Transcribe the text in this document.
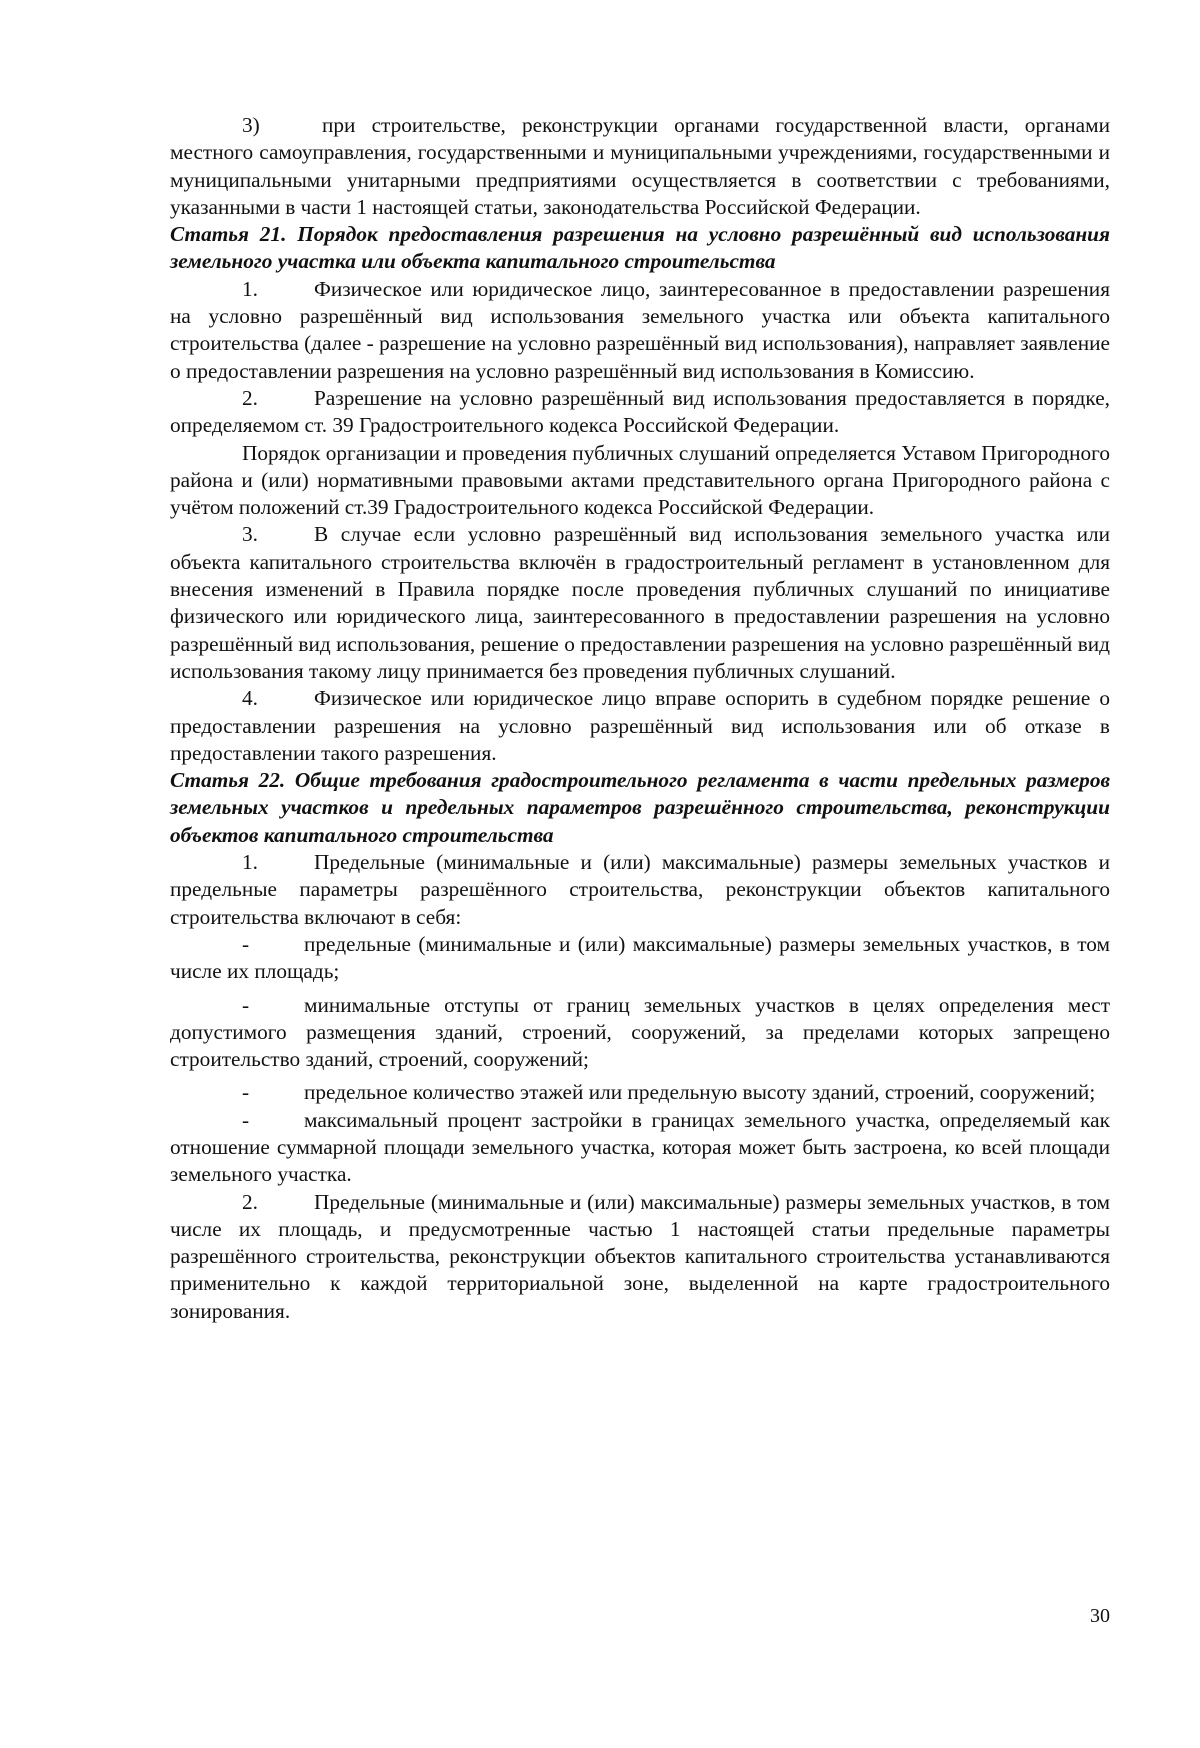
3)	при строительстве, реконструкции органами государственной власти, органами местного самоуправления, государственными и муниципальными учреждениями, государственными и муниципальными унитарными предприятиями осуществляется в соответствии с требованиями, указанными в части 1 настоящей статьи, законодательства Российской Федерации.

Статья 21. Порядок предоставления разрешения на условно разрешённый вид использования земельного участка или объекта капитального строительства

1.	Физическое или юридическое лицо, заинтересованное в предоставлении разрешения на условно разрешённый вид использования земельного участка или объекта капитального строительства (далее - разрешение на условно разрешённый вид использования), направляет заявление о предоставлении разрешения на условно разрешённый вид использования в Комиссию.

2.	Разрешение на условно разрешённый вид использования предоставляется в порядке, определяемом ст. 39 Градостроительного кодекса Российской Федерации.

Порядок организации и проведения публичных слушаний определяется Уставом Пригородного района и (или) нормативными правовыми актами представительного органа Пригородного района с учётом положений ст.39 Градостроительного кодекса Российской Федерации.

3.	В случае если условно разрешённый вид использования земельного участка или объекта капитального строительства включён в градостроительный регламент в установленном для внесения изменений в Правила порядке после проведения публичных слушаний по инициативе физического или юридического лица, заинтересованного в предоставлении разрешения на условно разрешённый вид использования, решение о предоставлении разрешения на условно разрешённый вид использования такому лицу принимается без проведения публичных слушаний.

4.	Физическое или юридическое лицо вправе оспорить в судебном порядке решение о предоставлении разрешения на условно разрешённый вид использования или об отказе в предоставлении такого разрешения.

Статья 22. Общие требования градостроительного регламента в части предельных размеров земельных участков и предельных параметров разрешённого строительства, реконструкции объектов капитального строительства

1.	Предельные (минимальные и (или) максимальные) размеры земельных участков и предельные параметры разрешённого строительства, реконструкции объектов капитального строительства включают в себя:

-	предельные (минимальные и (или) максимальные) размеры земельных участков, в том числе их площадь;

-	минимальные отступы от границ земельных участков в целях определения мест допустимого размещения зданий, строений, сооружений, за пределами которых запрещено строительство зданий, строений, сооружений;

-	предельное количество этажей или предельную высоту зданий, строений, сооружений;

-	максимальный процент застройки в границах земельного участка, определяемый как отношение суммарной площади земельного участка, которая может быть застроена, ко всей площади земельного участка.

2.	Предельные (минимальные и (или) максимальные) размеры земельных участков, в том числе их площадь, и предусмотренные частью 1 настоящей статьи предельные параметры разрешённого строительства, реконструкции объектов капитального строительства устанавливаются применительно к каждой территориальной зоне, выделенной на карте градостроительного зонирования.

30
